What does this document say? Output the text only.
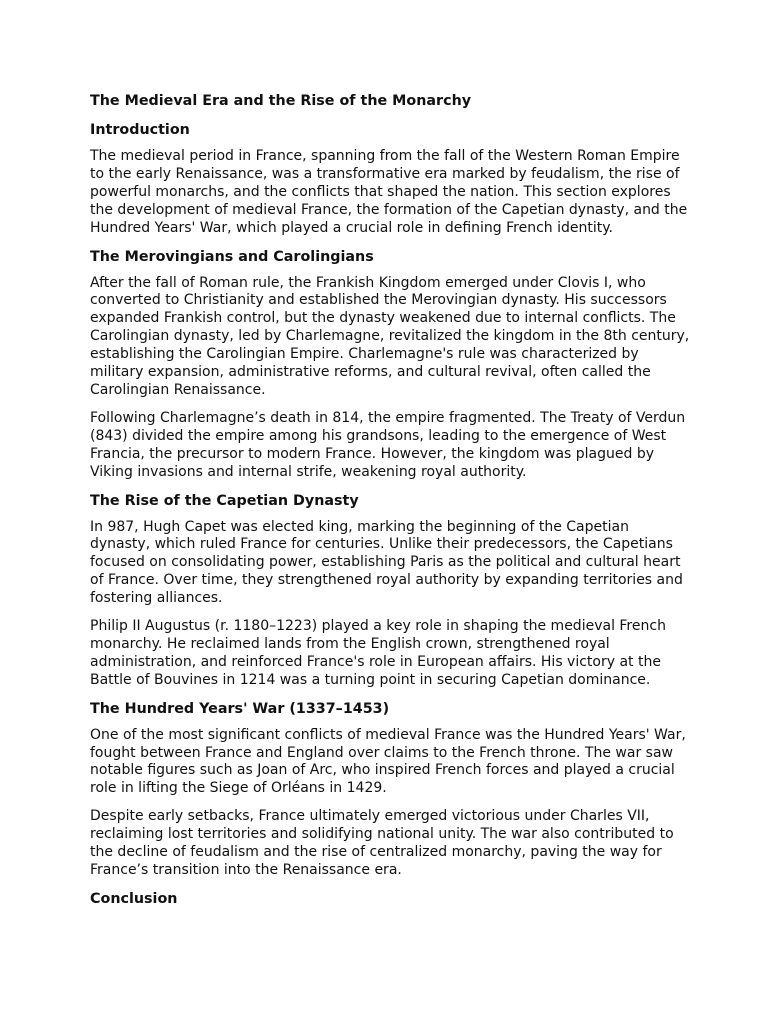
The Medieval Era and the Rise of the Monarchy
Introduction

The medieval period in France, spanning from the fall of the Western Roman Empire to the early Renaissance, was a transformative era marked by feudalism, the rise of powerful monarchs, and the conflicts that shaped the nation. This section explores the development of medieval France, the formation of the Capetian dynasty, and the Hundred Years' War, which played a crucial role in defining French identity.

The Merovingians and Carolingians

After the fall of Roman rule, the Frankish Kingdom emerged under Clovis I, who converted to Christianity and established the Merovingian dynasty. His successors expanded Frankish control, but the dynasty weakened due to internal conflicts. The Carolingian dynasty, led by Charlemagne, revitalized the kingdom in the 8th century, establishing the Carolingian Empire. Charlemagne's rule was characterized by military expansion, administrative reforms, and cultural revival, often called the Carolingian Renaissance.

Following Charlemagne’s death in 814, the empire fragmented. The Treaty of Verdun (843) divided the empire among his grandsons, leading to the emergence of West Francia, the precursor to modern France. However, the kingdom was plagued by Viking invasions and internal strife, weakening royal authority.

The Rise of the Capetian Dynasty

In 987, Hugh Capet was elected king, marking the beginning of the Capetian dynasty, which ruled France for centuries. Unlike their predecessors, the Capetians focused on consolidating power, establishing Paris as the political and cultural heart of France. Over time, they strengthened royal authority by expanding territories and fostering alliances.

Philip II Augustus (r. 1180–1223) played a key role in shaping the medieval French monarchy. He reclaimed lands from the English crown, strengthened royal administration, and reinforced France's role in European affairs. His victory at the Battle of Bouvines in 1214 was a turning point in securing Capetian dominance.

The Hundred Years' War (1337–1453)

One of the most significant conflicts of medieval France was the Hundred Years' War, fought between France and England over claims to the French throne. The war saw notable figures such as Joan of Arc, who inspired French forces and played a crucial role in lifting the Siege of Orléans in 1429.

Despite early setbacks, France ultimately emerged victorious under Charles VII, reclaiming lost territories and solidifying national unity. The war also contributed to the decline of feudalism and the rise of centralized monarchy, paving the way for France’s transition into the Renaissance era.

Conclusion
